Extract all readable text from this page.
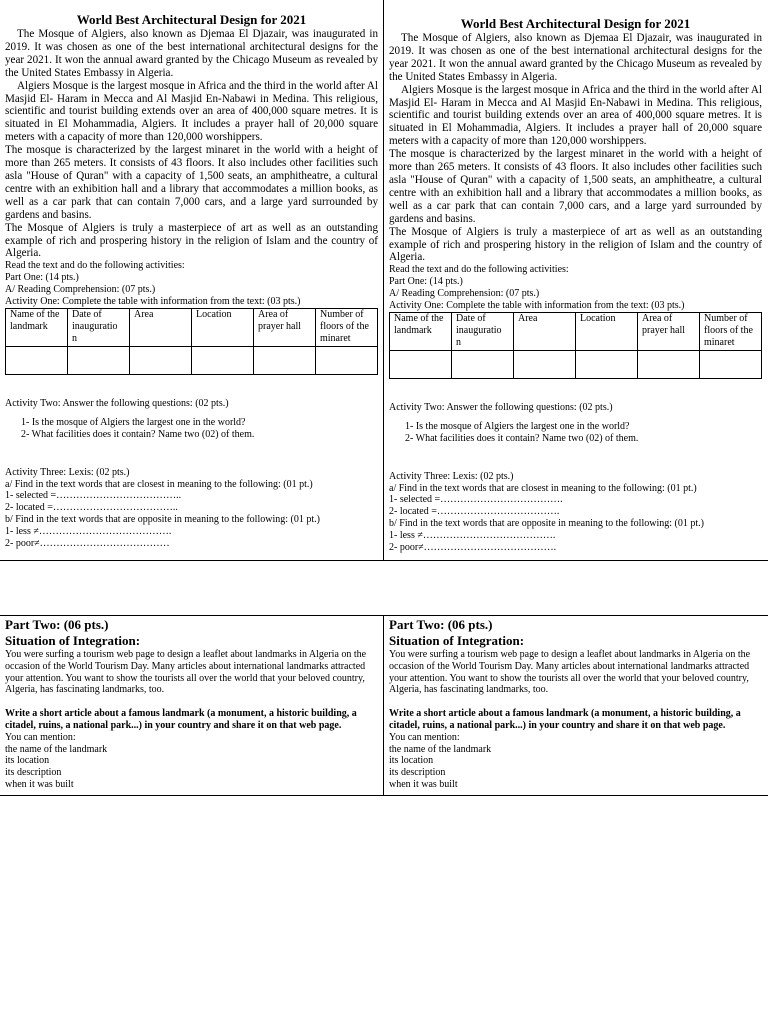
World Best Architectural Design for 2021

The Mosque of Algiers, also known as Djemaa El Djazair, was inaugurated in 2019. It was chosen as one of the best international architectural designs for the year 2021. It won the annual award granted by the Chicago Museum as revealed by the United States Embassy in Algeria.

Algiers Mosque is the largest mosque in Africa and the third in the world after Al Masjid El- Haram in Mecca and Al Masjid En-Nabawi in Medina. This religious, scientific and tourist building extends over an area of 400,000 square metres. It is situated in El Mohammadia, Algiers. It includes a prayer hall of 20,000 square meters with a capacity of more than 120,000 worshippers.

The mosque is characterized by the largest minaret in the world with a height of more than 265 meters. It consists of 43 floors. It also includes other facilities such asla "House of Quran" with a capacity of 1,500 seats, an amphitheatre, a cultural centre with an exhibition hall and a library that accommodates a million books, as well as a car park that can contain 7,000 cars, and a large yard surrounded by gardens and basins.

The Mosque of Algiers is truly a masterpiece of art as well as an outstanding example of rich and prospering history in the religion of Islam and the country of Algeria.

Read the text and do the following activities:

Part One: (14 pts.)

A/ Reading Comprehension: (07 pts.)

Activity One: Complete the table with information from the text: (03 pts.)

Name of the landmark	Date of inauguratio n	Area	Location	Area of prayer hall	Number of floors of the minaret

Activity Two: Answer the following questions: (02 pts.)

1- Is the mosque of Algiers the largest one in the world?

2- What facilities does it contain? Name two (02) of them.

Activity Three: Lexis: (02 pts.)

a/ Find in the text words that are closest in meaning to the following: (01 pt.)

1- selected =………………………………..

2- located =………………………………..

b/ Find in the text words that are opposite in meaning to the following: (01 pt.)

1- less ≠………………………………….

2- poor≠…………………………………

World Best Architectural Design for 2021

The Mosque of Algiers, also known as Djemaa El Djazair, was inaugurated in 2019. It was chosen as one of the best international architectural designs for the year 2021. It won the annual award granted by the Chicago Museum as revealed by the United States Embassy in Algeria.

Algiers Mosque is the largest mosque in Africa and the third in the world after Al Masjid El- Haram in Mecca and Al Masjid En-Nabawi in Medina. This religious, scientific and tourist building extends over an area of 400,000 square metres. It is situated in El Mohammadia, Algiers. It includes a prayer hall of 20,000 square meters with a capacity of more than 120,000 worshippers.

The mosque is characterized by the largest minaret in the world with a height of more than 265 meters. It consists of 43 floors. It also includes other facilities such asla "House of Quran" with a capacity of 1,500 seats, an amphitheatre, a cultural centre with an exhibition hall and a library that accommodates a million books, as well as a car park that can contain 7,000 cars, and a large yard surrounded by gardens and basins.

The Mosque of Algiers is truly a masterpiece of art as well as an outstanding example of rich and prospering history in the religion of Islam and the country of Algeria.

Read the text and do the following activities:

Part One: (14 pts.)

A/ Reading Comprehension: (07 pts.)

Activity One: Complete the table with information from the text: (03 pts.)

Name of the landmark	Date of inauguratio n	Area	Location	Area of prayer hall	Number of floors of the minaret

Activity Two: Answer the following questions: (02 pts.)

1- Is the mosque of Algiers the largest one in the world?

2- What facilities does it contain? Name two (02) of them.

Activity Three: Lexis: (02 pts.)

a/ Find in the text words that are closest in meaning to the following: (01 pt.)

1- selected =……………………………….

2- located =……………………………….

b/ Find in the text words that are opposite in meaning to the following: (01 pt.)

1- less ≠………………………………….

2- poor≠………………………………….

Part Two: (06 pts.)
Situation of Integration:

You were surfing a tourism web page to design a leaflet about landmarks in Algeria on the occasion of the World Tourism Day. Many articles about international landmarks attracted your attention. You want to show the tourists all over the world that your beloved country, Algeria, has fascinating landmarks, too.

Write a short article about a famous landmark (a monument, a historic building, a citadel, ruins, a national park...) in your country and share it on that web page.

You can mention:

the name of the landmark

its location

its description

when it was built

Part Two: (06 pts.)
Situation of Integration:

You were surfing a tourism web page to design a leaflet about landmarks in Algeria on the occasion of the World Tourism Day. Many articles about international landmarks attracted your attention. You want to show the tourists all over the world that your beloved country, Algeria, has fascinating landmarks, too.

Write a short article about a famous landmark (a monument, a historic building, a citadel, ruins, a national park...) in your country and share it on that web page.

You can mention:

the name of the landmark

its location

its description

when it was built
